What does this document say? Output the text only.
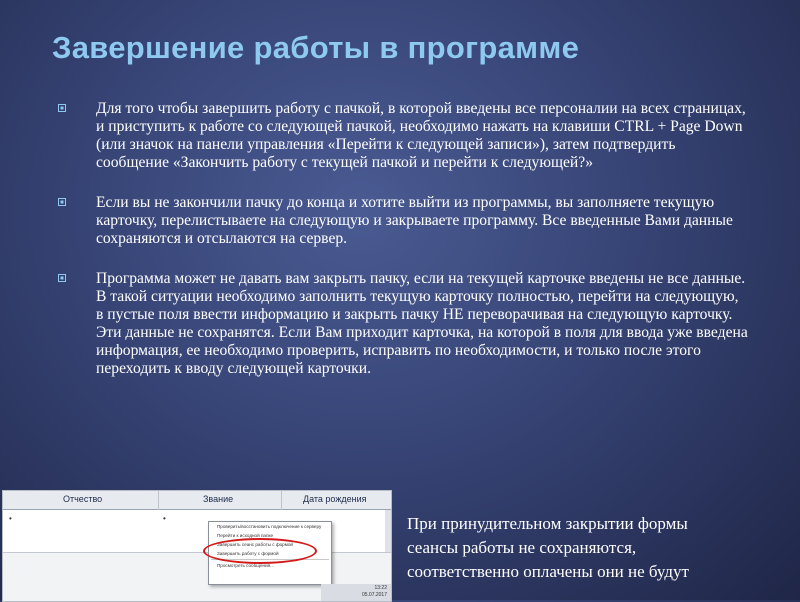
Завершение работы в программе
Для того чтобы завершить работу с пачкой, в которой введены все персоналии на всех страницах, и приступить к работе со следующей пачкой, необходимо нажать на клавиши CTRL + Page Down (или значок на панели управления «Перейти к следующей записи»), затем подтвердить сообщение «Закончить работу с текущей пачкой и перейти к следующей?»
Если вы не закончили пачку до конца и хотите выйти из программы, вы заполняете текущую карточку, перелистываете на следующую и закрываете программу. Все введенные Вами данные сохраняются и отсылаются на сервер.
Программа может не давать вам закрыть пачку, если на текущей карточке введены не все данные. В такой ситуации необходимо заполнить текущую карточку полностью, перейти на следующую, в пустые поля ввести информацию и закрыть пачку НЕ переворачивая на следующую карточку. Эти данные не сохранятся. Если Вам приходит карточка, на которой в поля для ввода уже введена информация, ее необходимо проверить, исправить по необходимости, и только после этого переходить к вводу следующей карточки.
Отчество	Звание	Дата рождения
•	•
Проверить/восстановить подключение к серверу
Перейти к исходной папке
Завершить сеанс работы с формой
Завершить работу с формой
Просмотреть сообщения...
13:22
05.07.2017

При принудительном закрытии формы
сеансы работы не сохраняются,
соответственно оплачены они не будут
